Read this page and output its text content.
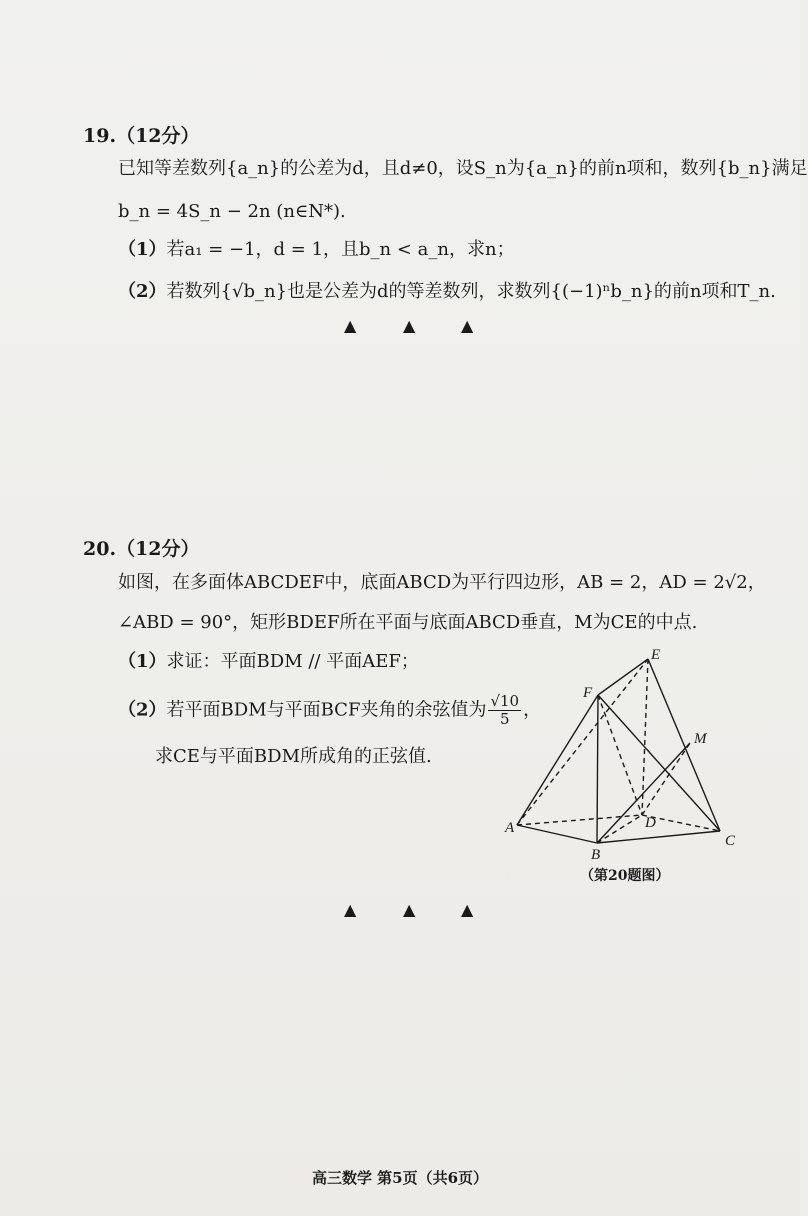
19.（12分）
已知等差数列{a_n}的公差为d，且d≠0，设S_n为{a_n}的前n项和，数列{b_n}满足
b_n = 4S_n − 2n (n∈N*).
（1）若a₁ = −1，d = 1，且b_n < a_n，求n；
（2）若数列{√b_n}也是公差为d的等差数列，求数列{(−1)ⁿb_n}的前n项和T_n.
▲	▲	▲
20.（12分）
如图，在多面体ABCDEF中，底面ABCD为平行四边形，AB = 2，AD = 2√2，
∠ABD = 90°，矩形BDEF所在平面与底面ABCD垂直，M为CE的中点.
（1）求证：平面BDM // 平面AEF；
（2）若平面BDM与平面BCF夹角的余弦值为 $\frac{√10}{5}$ ，
求CE与平面BDM所成角的正弦值.
A
B
C
D
E
F
M
（第20题图）
▲	▲	▲
高三数学 第5页（共6页）
